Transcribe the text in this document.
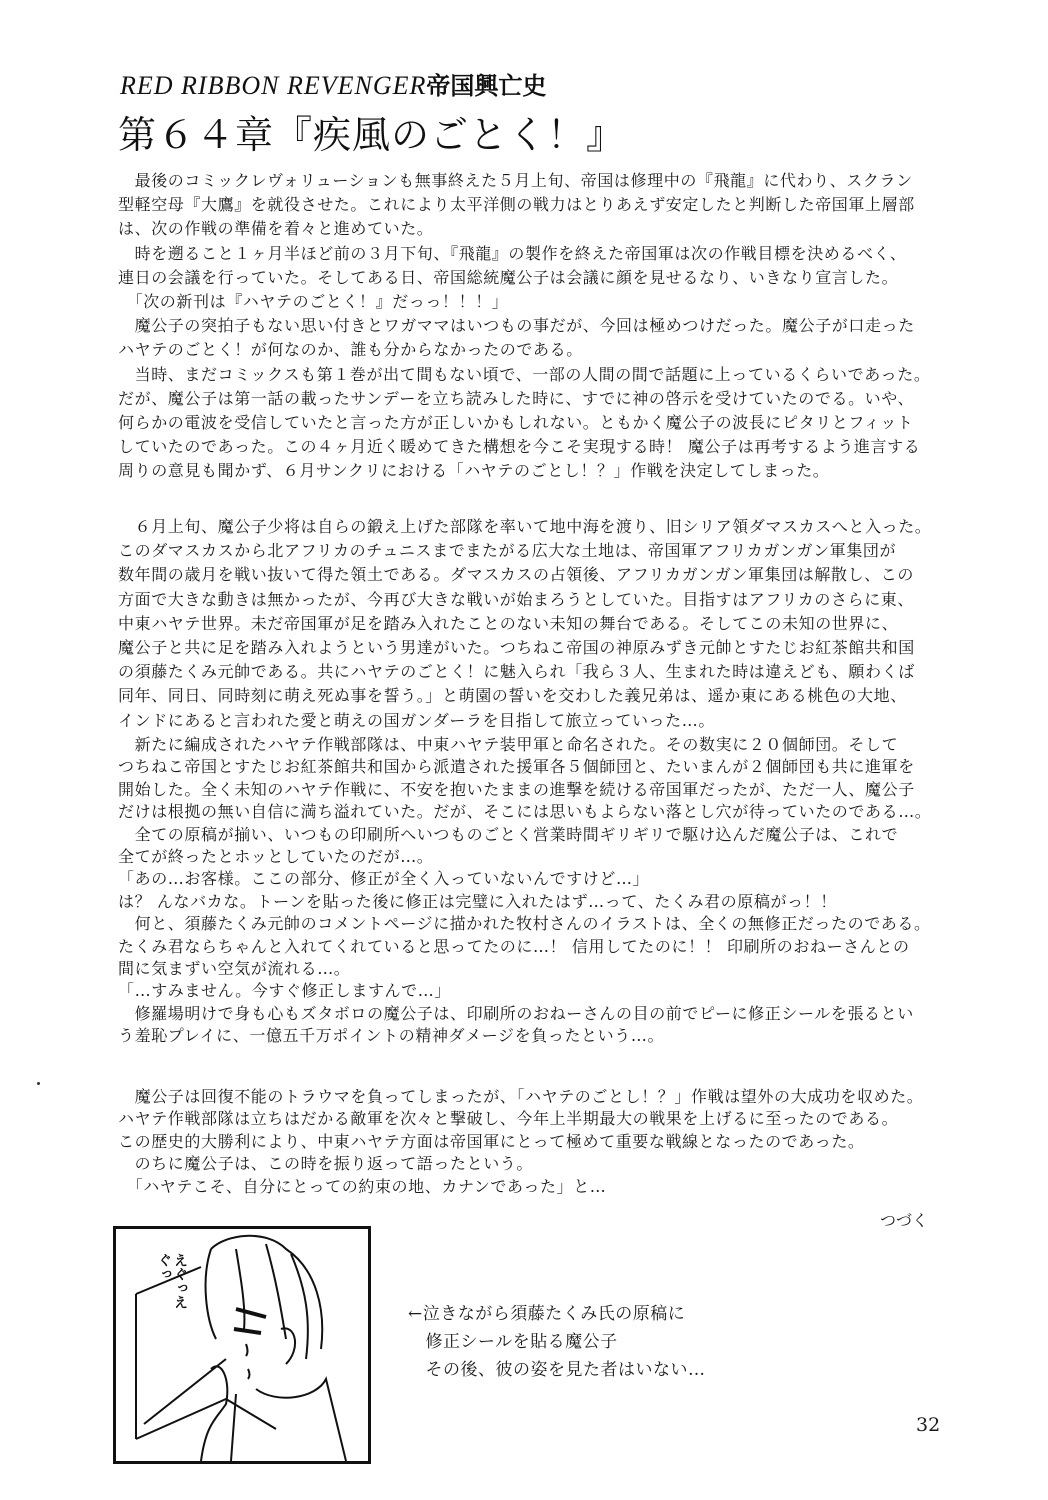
RED RIBBON REVENGER帝国興亡史
第６４章『疾風のごとく！』
　最後のコミックレヴォリューションも無事終えた５月上旬、帝国は修理中の『飛龍』に代わり、スクラン
型軽空母『大鷹』を就役させた。これにより太平洋側の戦力はとりあえず安定したと判断した帝国軍上層部
は、次の作戦の準備を着々と進めていた。
　時を遡ること１ヶ月半ほど前の３月下旬、『飛龍』の製作を終えた帝国軍は次の作戦目標を決めるべく、
連日の会議を行っていた。そしてある日、帝国総統魔公子は会議に顔を見せるなり、いきなり宣言した。
　「次の新刊は『ハヤテのごとく！』だっっ！！！」
　魔公子の突拍子もない思い付きとワガママはいつもの事だが、今回は極めつけだった。魔公子が口走った
ハヤテのごとく！が何なのか、誰も分からなかったのである。
　当時、まだコミックスも第１巻が出て間もない頃で、一部の人間の間で話題に上っているくらいであった。
だが、魔公子は第一話の載ったサンデーを立ち読みした時に、すでに神の啓示を受けていたのでる。いや、
何らかの電波を受信していたと言った方が正しいかもしれない。ともかく魔公子の波長にピタリとフィット
していたのであった。この４ヶ月近く暖めてきた構想を今こそ実現する時！ 魔公子は再考するよう進言する
周りの意見も聞かず、６月サンクリにおける「ハヤテのごとし！？」作戦を決定してしまった。
　６月上旬、魔公子少将は自らの鍛え上げた部隊を率いて地中海を渡り、旧シリア領ダマスカスへと入った。
このダマスカスから北アフリカのチュニスまでまたがる広大な土地は、帝国軍アフリカガンガン軍集団が
数年間の歳月を戦い抜いて得た領土である。ダマスカスの占領後、アフリカガンガン軍集団は解散し、この
方面で大きな動きは無かったが、今再び大きな戦いが始まろうとしていた。目指すはアフリカのさらに東、
中東ハヤテ世界。未だ帝国軍が足を踏み入れたことのない未知の舞台である。そしてこの未知の世界に、
魔公子と共に足を踏み入れようという男達がいた。つちねこ帝国の神原みずき元帥とすたじお紅茶館共和国
の須藤たくみ元帥である。共にハヤテのごとく！に魅入られ「我ら３人、生まれた時は違えども、願わくば
同年、同日、同時刻に萌え死ぬ事を誓う。」と萌園の誓いを交わした義兄弟は、遥か東にある桃色の大地、
インドにあると言われた愛と萌えの国ガンダーラを目指して旅立っていった…。
　新たに編成されたハヤテ作戦部隊は、中東ハヤテ装甲軍と命名された。その数実に２０個師団。そして
つちねこ帝国とすたじお紅茶館共和国から派遣された援軍各５個師団と、たいまんが２個師団も共に進軍を
開始した。全く未知のハヤテ作戦に、不安を抱いたままの進撃を続ける帝国軍だったが、ただ一人、魔公子
だけは根拠の無い自信に満ち溢れていた。だが、そこには思いもよらない落とし穴が待っていたのである…。
　全ての原稿が揃い、いつもの印刷所へいつものごとく営業時間ギリギリで駆け込んだ魔公子は、これで
全てが終ったとホッとしていたのだが…。
「あの…お客様。ここの部分、修正が全く入っていないんですけど…」
は？ んなバカな。トーンを貼った後に修正は完璧に入れたはず…って、たくみ君の原稿がっ！！
　何と、須藤たくみ元帥のコメントページに描かれた牧村さんのイラストは、全くの無修正だったのである。
たくみ君ならちゃんと入れてくれていると思ってたのに…！ 信用してたのに！！ 印刷所のおねーさんとの
間に気まずい空気が流れる…。
「…すみません。今すぐ修正しますんで…」
　修羅場明けで身も心もズタボロの魔公子は、印刷所のおねーさんの目の前でピーに修正シールを張るとい
う羞恥プレイに、一億五千万ポイントの精神ダメージを負ったという…。
　魔公子は回復不能のトラウマを負ってしまったが、「ハヤテのごとし！？」作戦は望外の大成功を収めた。
ハヤテ作戦部隊は立ちはだかる敵軍を次々と撃破し、今年上半期最大の戦果を上げるに至ったのである。
この歴史的大勝利により、中東ハヤテ方面は帝国軍にとって極めて重要な戦線となったのであった。
　のちに魔公子は、この時を振り返って語ったという。
　「ハヤテこそ、自分にとっての約束の地、カナンであった」と…
つづく
えぐっえぐっ
←泣きながら須藤たくみ氏の原稿に
　修正シールを貼る魔公子
　その後、彼の姿を見た者はいない…
32
